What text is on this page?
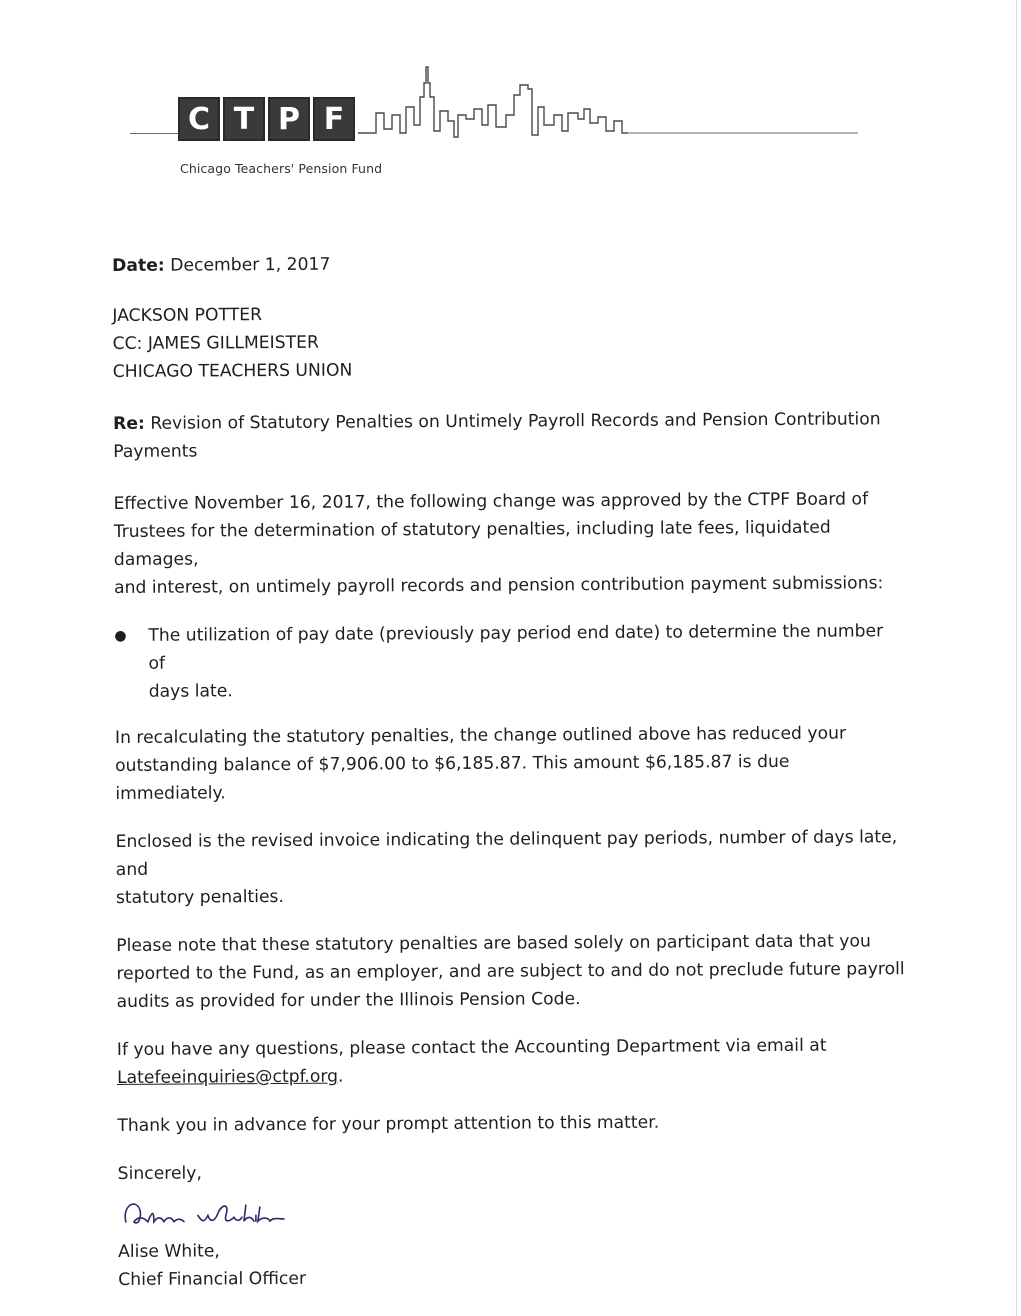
C T P F
Chicago Teachers' Pension Fund
Date: December 1, 2017

JACKSON POTTER

CC: JAMES GILLMEISTER

CHICAGO TEACHERS UNION

Re: Revision of Statutory Penalties on Untimely Payroll Records and Pension Contribution

Payments

Effective November 16, 2017, the following change was approved by the CTPF Board of

Trustees for the determination of statutory penalties, including late fees, liquidated damages,

and interest, on untimely payroll records and pension contribution payment submissions:

●	The utilization of pay date (previously pay period end date) to determine the number of

days late.

In recalculating the statutory penalties, the change outlined above has reduced your

outstanding balance of $7,906.00 to $6,185.87. This amount $6,185.87 is due immediately.

Enclosed is the revised invoice indicating the delinquent pay periods, number of days late, and

statutory penalties.

Please note that these statutory penalties are based solely on participant data that you

reported to the Fund, as an employer, and are subject to and do not preclude future payroll

audits as provided for under the Illinois Pension Code.

If you have any questions, please contact the Accounting Department via email at

Latefeeinquiries@ctpf.org.

Thank you in advance for your prompt attention to this matter.

Sincerely,

Alise White,

Chief Financial Officer
